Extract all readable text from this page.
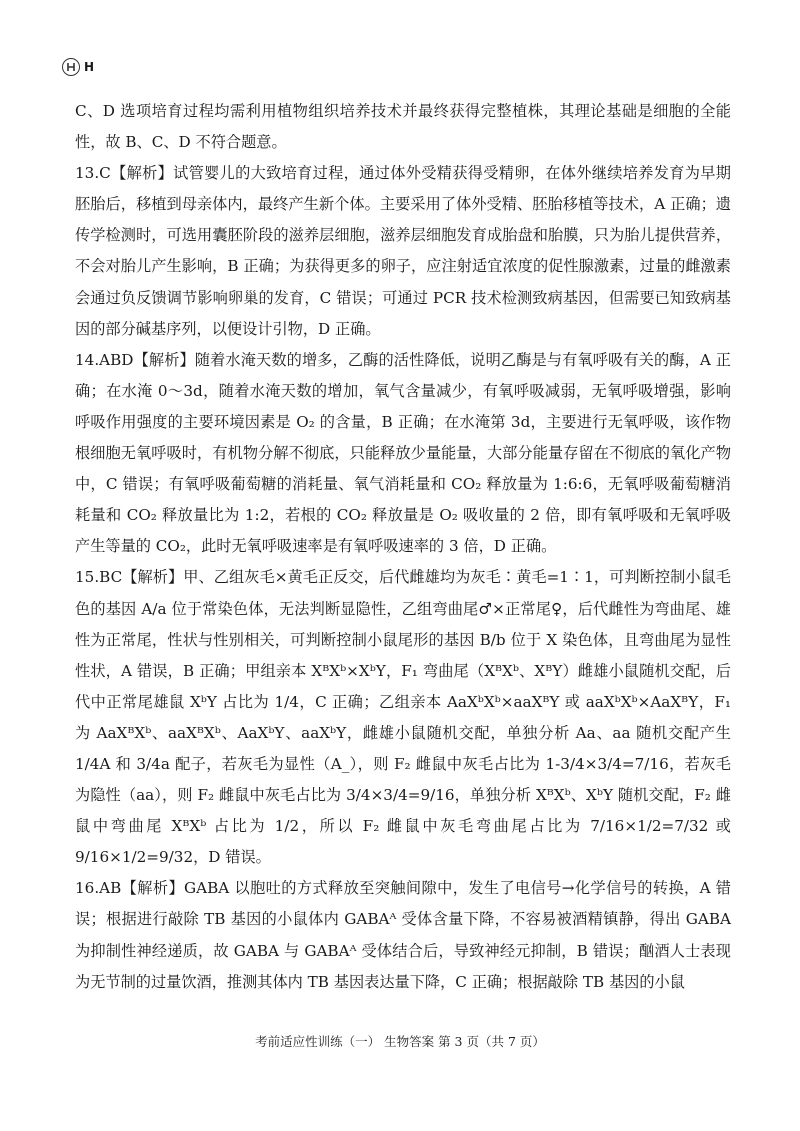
H

C、D 选项培育过程均需利用植物组织培养技术并最终获得完整植株，其理论基础是细胞的全能性，故 B、C、D 不符合题意。

13.C【解析】试管婴儿的大致培育过程，通过体外受精获得受精卵，在体外继续培养发育为早期胚胎后，移植到母亲体内，最终产生新个体。主要采用了体外受精、胚胎移植等技术，A 正确；遗传学检测时，可选用囊胚阶段的滋养层细胞，滋养层细胞发育成胎盘和胎膜，只为胎儿提供营养，不会对胎儿产生影响，B 正确；为获得更多的卵子，应注射适宜浓度的促性腺激素，过量的雌激素会通过负反馈调节影响卵巢的发育，C 错误；可通过 PCR 技术检测致病基因，但需要已知致病基因的部分碱基序列，以便设计引物，D 正确。

14.ABD【解析】随着水淹天数的增多，乙酶的活性降低，说明乙酶是与有氧呼吸有关的酶，A 正确；在水淹 0～3d，随着水淹天数的增加，氧气含量减少，有氧呼吸减弱，无氧呼吸增强，影响呼吸作用强度的主要环境因素是 O₂ 的含量，B 正确；在水淹第 3d，主要进行无氧呼吸，该作物根细胞无氧呼吸时，有机物分解不彻底，只能释放少量能量，大部分能量存留在不彻底的氧化产物中，C 错误；有氧呼吸葡萄糖的消耗量、氧气消耗量和 CO₂ 释放量为 1:6:6，无氧呼吸葡萄糖消耗量和 CO₂ 释放量比为 1:2，若根的 CO₂ 释放量是 O₂ 吸收量的 2 倍，即有氧呼吸和无氧呼吸产生等量的 CO₂，此时无氧呼吸速率是有氧呼吸速率的 3 倍，D 正确。

15.BC【解析】甲、乙组灰毛×黄毛正反交，后代雌雄均为灰毛∶黄毛=1∶1，可判断控制小鼠毛色的基因 A/a 位于常染色体，无法判断显隐性，乙组弯曲尾♂×正常尾♀，后代雌性为弯曲尾、雄性为正常尾，性状与性别相关，可判断控制小鼠尾形的基因 B/b 位于 X 染色体，且弯曲尾为显性性状，A 错误，B 正确；甲组亲本 XᴮXᵇ×XᵇY，F₁ 弯曲尾（XᴮXᵇ、XᴮY）雌雄小鼠随机交配，后代中正常尾雄鼠 XᵇY 占比为 1/4，C 正确；乙组亲本 AaXᵇXᵇ×aaXᴮY 或 aaXᵇXᵇ×AaXᴮY，F₁ 为 AaXᴮXᵇ、aaXᴮXᵇ、AaXᵇY、aaXᵇY，雌雄小鼠随机交配，单独分析 Aa、aa 随机交配产生 1/4A 和 3/4a 配子，若灰毛为显性（A_），则 F₂ 雌鼠中灰毛占比为 1-3/4×3/4=7/16，若灰毛为隐性（aa），则 F₂ 雌鼠中灰毛占比为 3/4×3/4=9/16，单独分析 XᴮXᵇ、XᵇY 随机交配，F₂ 雌鼠中弯曲尾 XᴮXᵇ 占比为 1/2，所以 F₂ 雌鼠中灰毛弯曲尾占比为 7/16×1/2=7/32 或 9/16×1/2=9/32，D 错误。

16.AB【解析】GABA 以胞吐的方式释放至突触间隙中，发生了电信号→化学信号的转换，A 错误；根据进行敲除 TB 基因的小鼠体内 GABAᴬ 受体含量下降，不容易被酒精镇静，得出 GABA 为抑制性神经递质，故 GABA 与 GABAᴬ 受体结合后，导致神经元抑制，B 错误；酗酒人士表现为无节制的过量饮酒，推测其体内 TB 基因表达量下降，C 正确；根据敲除 TB 基因的小鼠

考前适应性训练（一） 生物答案 第 3 页（共 7 页）
